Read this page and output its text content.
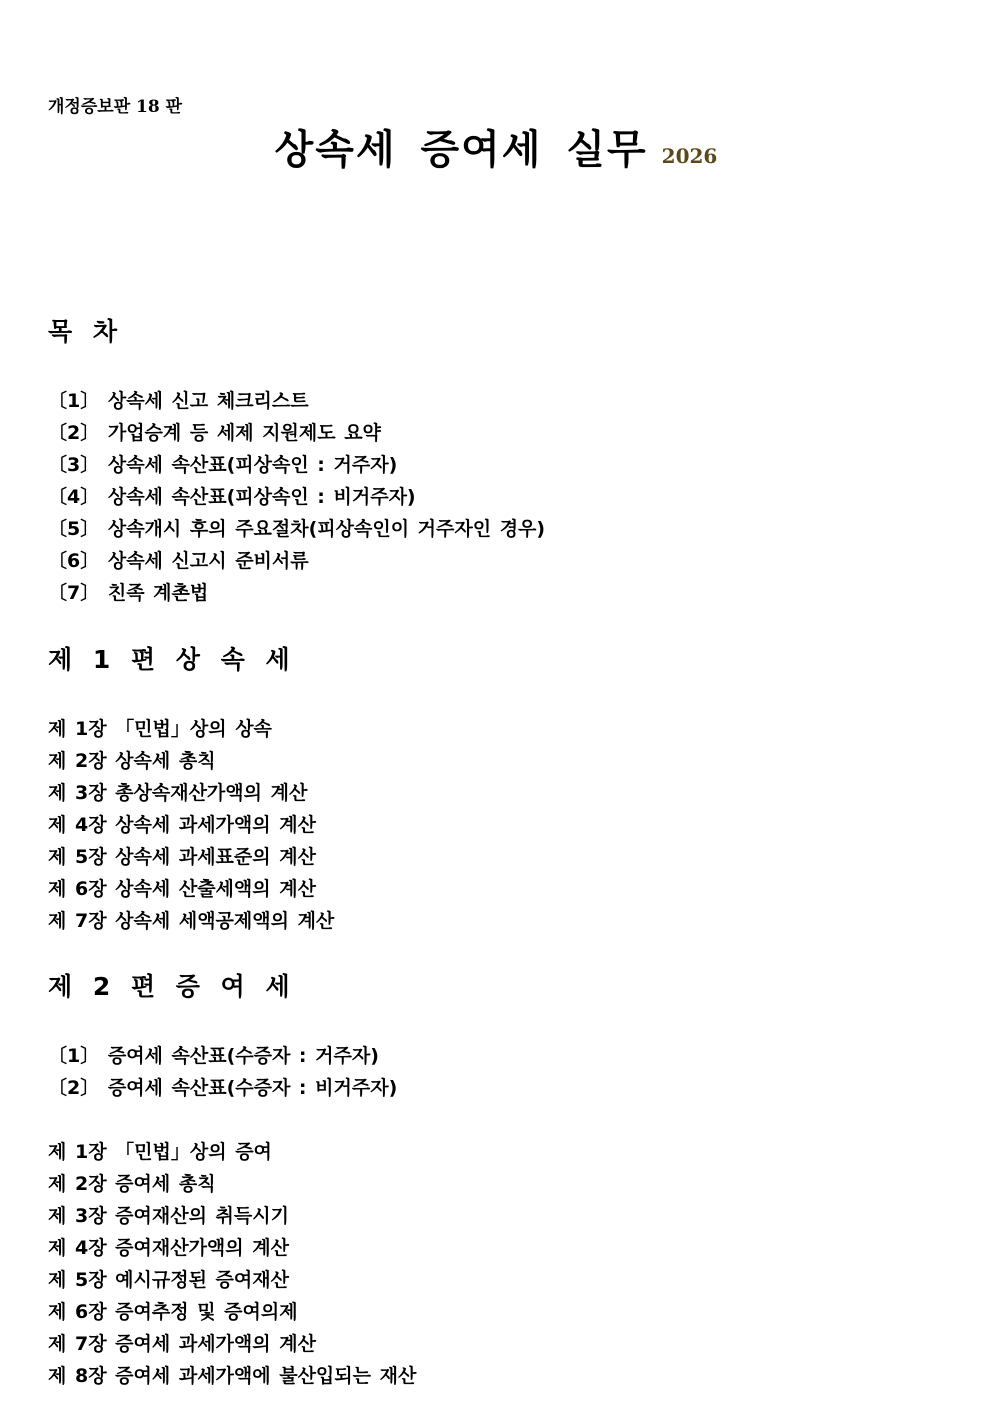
개정증보판 18 판
상속세 증여세 실무 2026
목 차
〔1〕 상속세 신고 체크리스트
〔2〕 가업승계 등 세제 지원제도 요약
〔3〕 상속세 속산표(피상속인 : 거주자)
〔4〕 상속세 속산표(피상속인 : 비거주자)
〔5〕 상속개시 후의 주요절차(피상속인이 거주자인 경우)
〔6〕 상속세 신고시 준비서류
〔7〕 친족 계촌법
제 1 편 상 속 세
제 1장 「민법」상의 상속
제 2장 상속세 총칙
제 3장 총상속재산가액의 계산
제 4장 상속세 과세가액의 계산
제 5장 상속세 과세표준의 계산
제 6장 상속세 산출세액의 계산
제 7장 상속세 세액공제액의 계산
제 2 편 증 여 세
〔1〕 증여세 속산표(수증자 : 거주자)
〔2〕 증여세 속산표(수증자 : 비거주자)
제 1장 「민법」상의 증여
제 2장 증여세 총칙
제 3장 증여재산의 취득시기
제 4장 증여재산가액의 계산
제 5장 예시규정된 증여재산
제 6장 증여추정 및 증여의제
제 7장 증여세 과세가액의 계산
제 8장 증여세 과세가액에 불산입되는 재산
